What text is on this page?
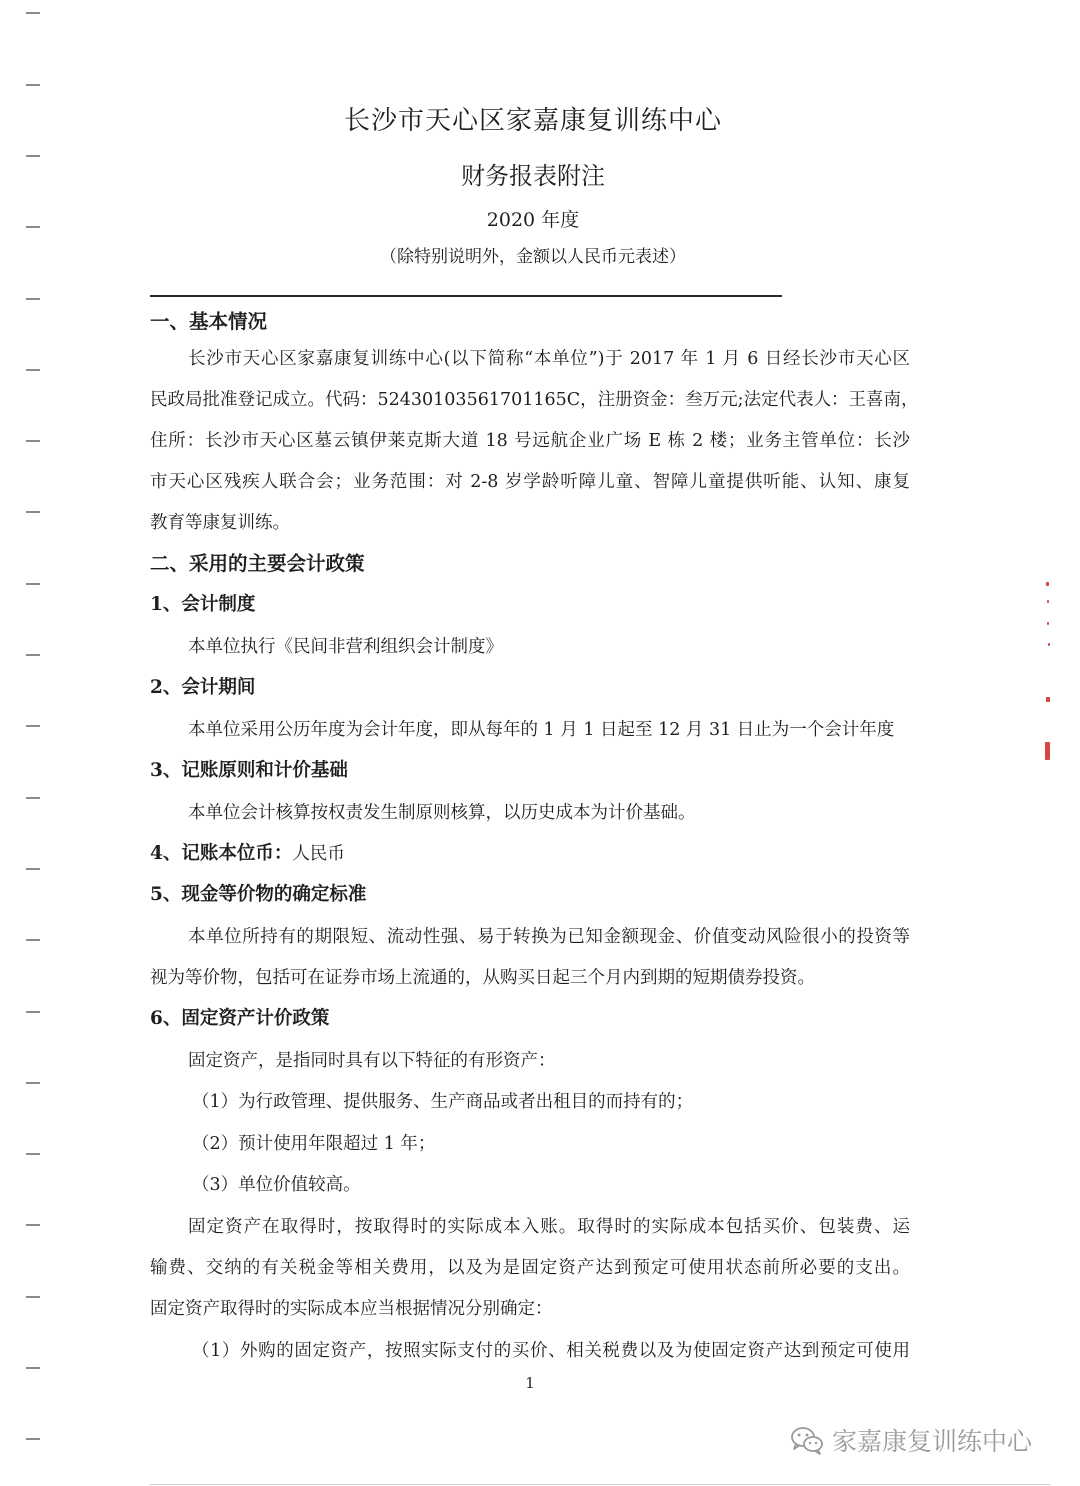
长沙市天心区家嘉康复训练中心
财务报表附注
2020 年度
（除特别说明外，金额以人民币元表述）
一、基本情况
长沙市天心区家嘉康复训练中心(以下简称“本单位”)于 2017 年 1 月 6 日经长沙市天心区
民政局批准登记成立。代码：52430103561701165C，注册资金：叁万元;法定代表人：王喜南，
住所：长沙市天心区墓云镇伊莱克斯大道 18 号远航企业广场 E 栋 2 楼；业务主管单位：长沙
市天心区残疾人联合会；业务范围：对 2-8 岁学龄听障儿童、智障儿童提供听能、认知、康复
教育等康复训练。
二、采用的主要会计政策
1、会计制度
本单位执行《民间非营利组织会计制度》
2、会计期间
本单位采用公历年度为会计年度，即从每年的 1 月 1 日起至 12 月 31 日止为一个会计年度
3、记账原则和计价基础
本单位会计核算按权责发生制原则核算，以历史成本为计价基础。
4、记账本位币：人民币
5、现金等价物的确定标准
本单位所持有的期限短、流动性强、易于转换为已知金额现金、价值变动风险很小的投资等
视为等价物，包括可在证券市场上流通的，从购买日起三个月内到期的短期债券投资。
6、固定资产计价政策
固定资产，是指同时具有以下特征的有形资产：
（1）为行政管理、提供服务、生产商品或者出租目的而持有的；
（2）预计使用年限超过 1 年；
（3）单位价值较高。
固定资产在取得时，按取得时的实际成本入账。取得时的实际成本包括买价、包装费、运
输费、交纳的有关税金等相关费用，以及为是固定资产达到预定可使用状态前所必要的支出。
固定资产取得时的实际成本应当根据情况分别确定：
（1）外购的固定资产，按照实际支付的买价、相关税费以及为使固定资产达到预定可使用
1
家嘉康复训练中心
